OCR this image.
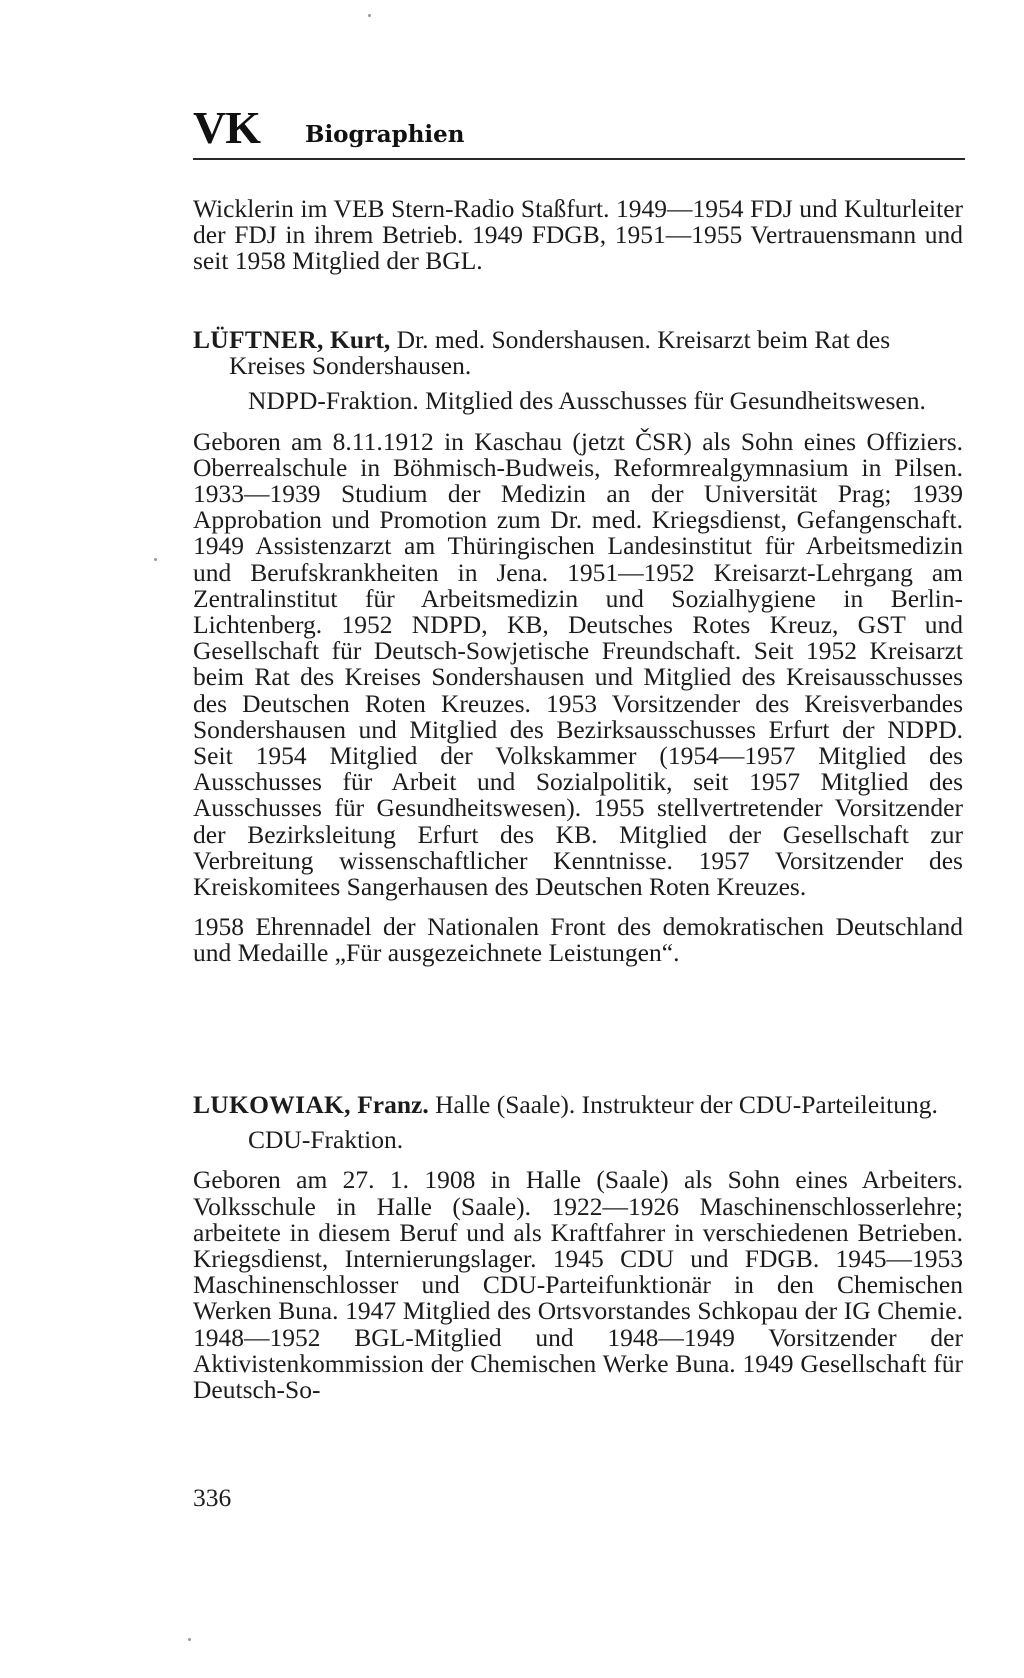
VK Biographien

Wicklerin im VEB Stern-Radio Staßfurt. 1949—1954 FDJ und Kulturleiter der FDJ in ihrem Betrieb. 1949 FDGB, 1951—1955 Vertrauensmann und seit 1958 Mitglied der BGL.

LÜFTNER, Kurt, Dr. med. Sondershausen. Kreisarzt beim Rat des Kreises Sondershausen.

NDPD-Fraktion. Mitglied des Ausschusses für Gesundheitswesen.

Geboren am 8.11.1912 in Kaschau (jetzt ČSR) als Sohn eines Offiziers. Oberrealschule in Böhmisch-Budweis, Reformrealgymnasium in Pilsen. 1933—1939 Studium der Medizin an der Universität Prag; 1939 Approbation und Promotion zum Dr. med. Kriegsdienst, Gefangenschaft. 1949 Assistenzarzt am Thüringischen Landesinstitut für Arbeitsmedizin und Berufskrankheiten in Jena. 1951—1952 Kreisarzt-Lehrgang am Zentralinstitut für Arbeitsmedizin und Sozialhygiene in Berlin-Lichtenberg. 1952 NDPD, KB, Deutsches Rotes Kreuz, GST und Gesellschaft für Deutsch-Sowjetische Freundschaft. Seit 1952 Kreisarzt beim Rat des Kreises Sondershausen und Mitglied des Kreisausschusses des Deutschen Roten Kreuzes. 1953 Vorsitzender des Kreisverbandes Sondershausen und Mitglied des Bezirksausschusses Erfurt der NDPD. Seit 1954 Mitglied der Volkskammer (1954—1957 Mitglied des Ausschusses für Arbeit und Sozialpolitik, seit 1957 Mitglied des Ausschusses für Gesundheitswesen). 1955 stellvertretender Vorsitzender der Bezirksleitung Erfurt des KB. Mitglied der Gesellschaft zur Verbreitung wissenschaftlicher Kenntnisse. 1957 Vorsitzender des Kreiskomitees Sangerhausen des Deutschen Roten Kreuzes.

1958 Ehrennadel der Nationalen Front des demokratischen Deutschland und Medaille „Für ausgezeichnete Leistungen“.

LUKOWIAK, Franz. Halle (Saale). Instrukteur der CDU-Parteileitung.

CDU-Fraktion.

Geboren am 27. 1. 1908 in Halle (Saale) als Sohn eines Arbeiters. Volksschule in Halle (Saale). 1922—1926 Maschinenschlosserlehre; arbeitete in diesem Beruf und als Kraftfahrer in verschiedenen Betrieben. Kriegsdienst, Internierungslager. 1945 CDU und FDGB. 1945—1953 Maschinenschlosser und CDU-Parteifunktionär in den Chemischen Werken Buna. 1947 Mitglied des Ortsvorstandes Schkopau der IG Chemie. 1948—1952 BGL-Mitglied und 1948—1949 Vorsitzender der Aktivistenkommission der Chemischen Werke Buna. 1949 Gesellschaft für Deutsch-So-

336
